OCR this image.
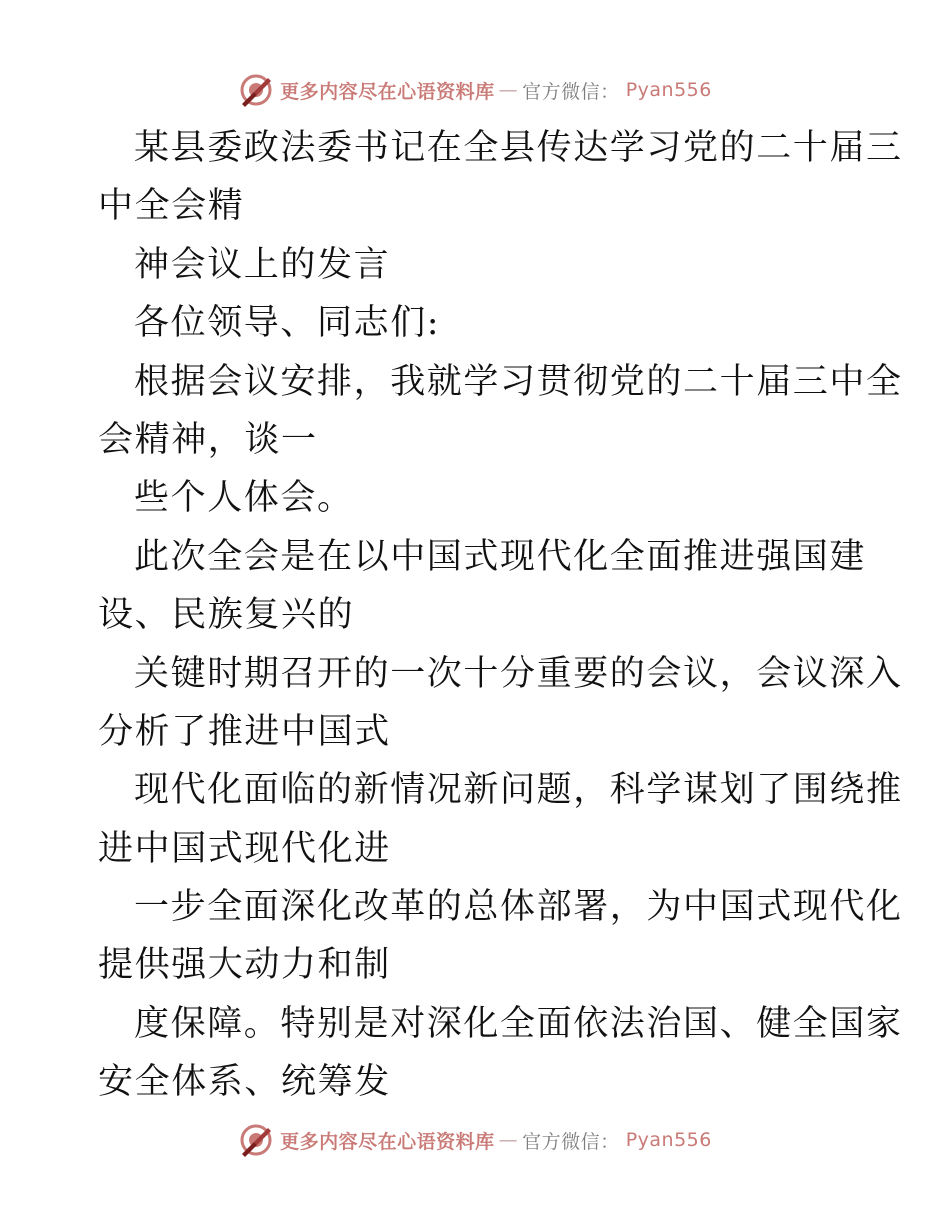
更多内容尽在心语资料库 — 官方微信： Pyan556
某县委政法委书记在全县传达学习党的二十届三
中全会精
神会议上的发言
各位领导、同志们:
根据会议安排，我就学习贯彻党的二十届三中全
会精神，谈一
些个人体会。
此次全会是在以中国式现代化全面推进强国建
设、民族复兴的
关键时期召开的一次十分重要的会议，会议深入
分析了推进中国式
现代化面临的新情况新问题，科学谋划了围绕推
进中国式现代化进
一步全面深化改革的总体部署，为中国式现代化
提供强大动力和制
度保障。特别是对深化全面依法治国、健全国家
安全体系、统筹发
更多内容尽在心语资料库 — 官方微信： Pyan556
